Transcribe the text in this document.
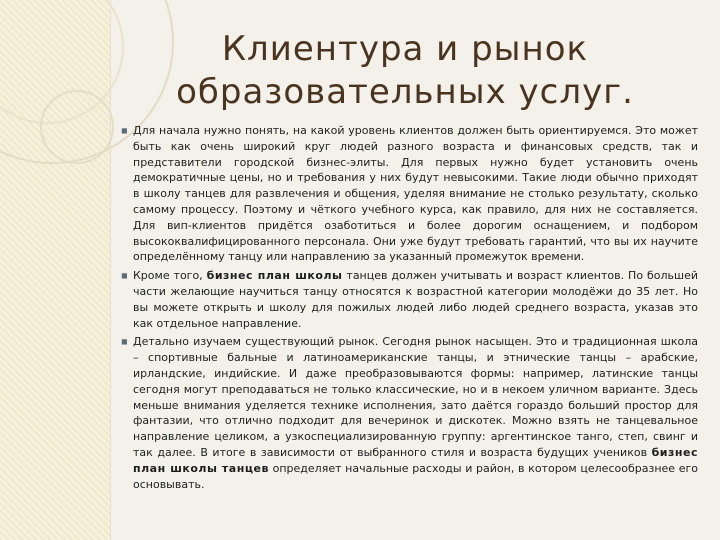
Клиентура и рынок
образовательных услуг.
◼ Для начала нужно понять, на какой уровень клиентов должен быть ориентируемся. Это может быть как очень широкий круг людей разного возраста и финансовых средств, так и представители городской бизнес-элиты. Для первых нужно будет установить очень демократичные цены, но и требования у них будут невысокими. Такие люди обычно приходят в школу танцев для развлечения и общения, уделяя внимание не столько результату, сколько самому процессу. Поэтому и чёткого учебного курса, как правило, для них не составляется. Для вип-клиентов придётся озаботиться и более дорогим оснащением, и подбором высококвалифицированного персонала. Они уже будут требовать гарантий, что вы их научите определённому танцу или направлению за указанный промежуток времени.
◼ Кроме того, бизнес план школы танцев должен учитывать и возраст клиентов. По большей части желающие научиться танцу относятся к возрастной категории молодёжи до 35 лет. Но вы можете открыть и школу для пожилых людей либо людей среднего возраста, указав это как отдельное направление.
◼ Детально изучаем существующий рынок. Сегодня рынок насыщен. Это и традиционная школа – спортивные бальные и латиноамериканские танцы, и этнические танцы – арабские, ирландские, индийские. И даже преобразовываются формы: например, латинские танцы сегодня могут преподаваться не только классические, но и в некоем уличном варианте. Здесь меньше внимания уделяется технике исполнения, зато даётся гораздо больший простор для фантазии, что отлично подходит для вечеринок и дискотек. Можно взять не танцевальное направление целиком, а узкоспециализированную группу: аргентинское танго, степ, свинг и так далее. В итоге в зависимости от выбранного стиля и возраста будущих учеников бизнес план школы танцев определяет начальные расходы и район, в котором целесообразнее его основывать.
